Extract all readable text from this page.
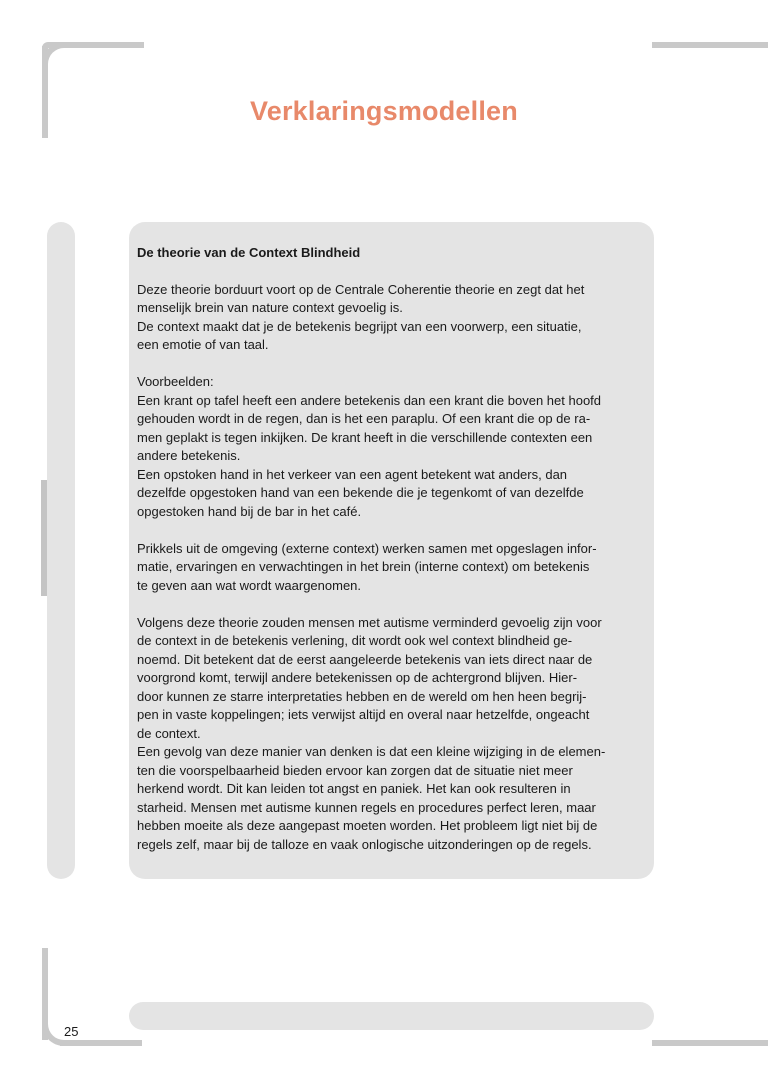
Verklaringsmodellen

De theorie van de Context Blindheid

Deze theorie borduurt voort op de Centrale Coherentie theorie en zegt dat het
menselijk brein van nature context gevoelig is.
De context maakt dat je de betekenis begrijpt van een voorwerp, een situatie,
een emotie of van taal.

Voorbeelden:
Een krant op tafel heeft een andere betekenis dan een krant die boven het hoofd
gehouden wordt in de regen, dan is het een paraplu. Of een krant die op de ra-
men geplakt is tegen inkijken. De krant heeft in die verschillende contexten een
andere betekenis.
Een opstoken hand in het verkeer van een agent betekent wat anders, dan
dezelfde opgestoken hand van een bekende die je tegenkomt of van dezelfde
opgestoken hand bij de bar in het café.

Prikkels uit de omgeving (externe context) werken samen met opgeslagen infor-
matie, ervaringen en verwachtingen in het brein (interne context) om betekenis
te geven aan wat wordt waargenomen.

Volgens deze theorie zouden mensen met autisme verminderd gevoelig zijn voor
de context in de betekenis verlening, dit wordt ook wel context blindheid ge-
noemd. Dit betekent dat de eerst aangeleerde betekenis van iets direct naar de
voorgrond komt, terwijl andere betekenissen op de achtergrond blijven. Hier-
door kunnen ze starre interpretaties hebben en de wereld om hen heen begrij-
pen in vaste koppelingen; iets verwijst altijd en overal naar hetzelfde, ongeacht
de context.
Een gevolg van deze manier van denken is dat een kleine wijziging in de elemen-
ten die voorspelbaarheid bieden ervoor kan zorgen dat de situatie niet meer
herkend wordt. Dit kan leiden tot angst en paniek. Het kan ook resulteren in
starheid. Mensen met autisme kunnen regels en procedures perfect leren, maar
hebben moeite als deze aangepast moeten worden. Het probleem ligt niet bij de
regels zelf, maar bij de talloze en vaak onlogische uitzonderingen op de regels.

25
